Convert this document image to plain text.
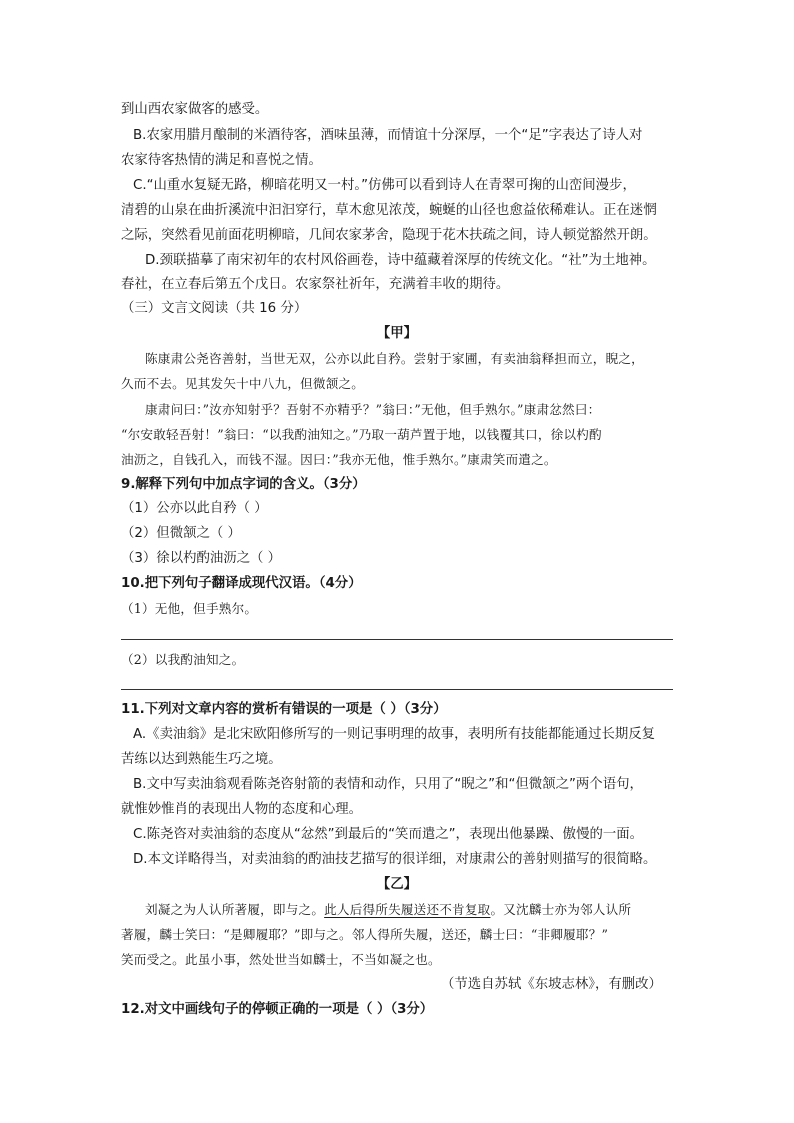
到山西农家做客的感受。
B.农家用腊月酿制的米酒待客，酒味虽薄，而情谊十分深厚，一个“足”字表达了诗人对
农家待客热情的满足和喜悦之情。
C.“山重水复疑无路，柳暗花明又一村。”仿佛可以看到诗人在青翠可掬的山峦间漫步，
清碧的山泉在曲折溪流中汩汩穿行，草木愈见浓茂，蜿蜒的山径也愈益依稀难认。正在迷惘
之际，突然看见前面花明柳暗，几间农家茅舍，隐现于花木扶疏之间，诗人顿觉豁然开朗。
D.颈联描摹了南宋初年的农村风俗画卷，诗中蕴藏着深厚的传统文化。“社”为土地神。
春社，在立春后第五个戊日。农家祭社祈年，充满着丰收的期待。
（三）文言文阅读（共 16 分）
【甲】
陈康肃公尧咨善射，当世无双，公亦以此自矜。尝射于家圃，有卖油翁释担而立，睨之，
久而不去。见其发矢十中八九，但微颔之。
康肃问曰：”汝亦知射乎？吾射不亦精乎？”翁曰：”无他，但手熟尔。”康肃忿然曰：
“尔安敢轻吾射！”翁曰：“以我酌油知之。”乃取一葫芦置于地，以钱覆其口，徐以杓酌
油沥之，自钱孔入，而钱不湿。因曰：”我亦无他，惟手熟尔。”康肃笑而遣之。
9.解释下列句中加点字词的含义。（3分）
（1）公亦以此自矜（ ）
（2）但微颔之（ ）
（3）徐以杓酌油沥之（ ）
10.把下列句子翻译成现代汉语。（4分）
（1）无他，但手熟尔。
（2）以我酌油知之。
11.下列对文章内容的赏析有错误的一项是（ ）（3分）
A.《卖油翁》是北宋欧阳修所写的一则记事明理的故事，表明所有技能都能通过长期反复
苦练以达到熟能生巧之境。
B.文中写卖油翁观看陈尧咨射箭的表情和动作，只用了“睨之”和“但微颔之”两个语句，
就惟妙惟肖的表现出人物的态度和心理。
C.陈尧咨对卖油翁的态度从“忿然”到最后的“笑而遣之”，表现出他暴躁、傲慢的一面。
D.本文详略得当，对卖油翁的酌油技艺描写的很详细，对康肃公的善射则描写的很简略。
【乙】
刘凝之为人认所著履，即与之。此人后得所失履送还不肯复取。又沈麟士亦为邻人认所
著履，麟士笑曰：“是卿履耶？”即与之。邻人得所失履，送还，麟士曰：“非卿履耶？”
笑而受之。此虽小事，然处世当如麟士，不当如凝之也。
（节选自苏轼《东坡志林》，有删改）
12.对文中画线句子的停顿正确的一项是（ ）（3分）
